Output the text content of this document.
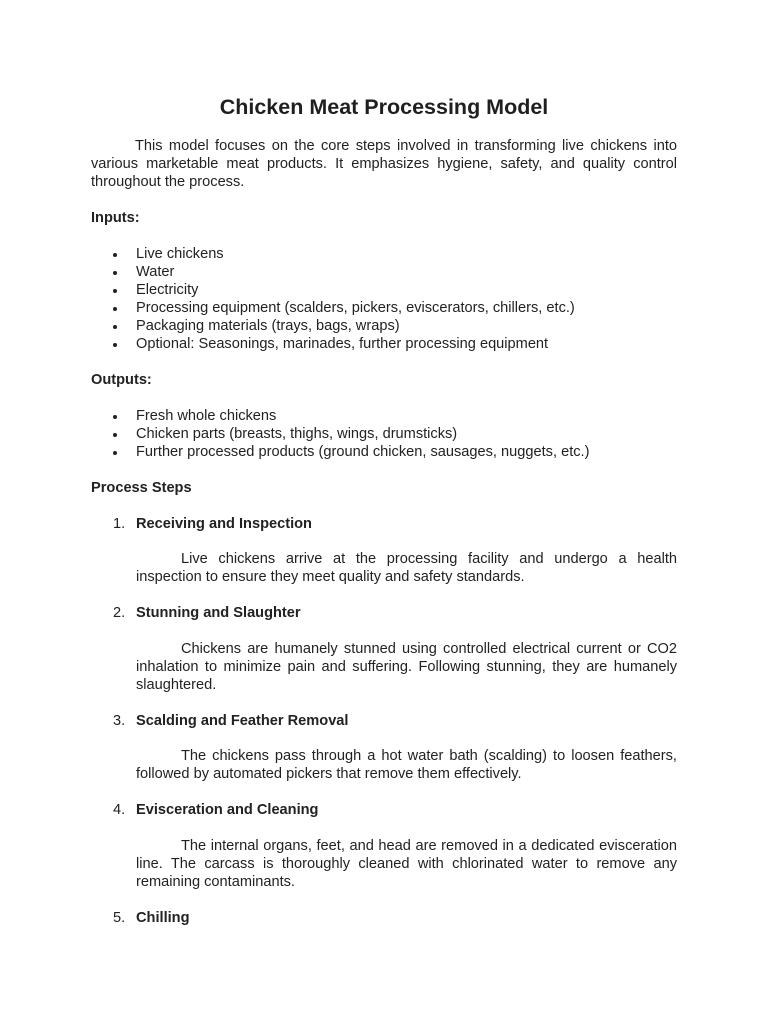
Chicken Meat Processing Model
This model focuses on the core steps involved in transforming live chickens into various marketable meat products. It emphasizes hygiene, safety, and quality control throughout the process.
Inputs:
Live chickens
Water
Electricity
Processing equipment (scalders, pickers, eviscerators, chillers, etc.)
Packaging materials (trays, bags, wraps)
Optional: Seasonings, marinades, further processing equipment
Outputs:
Fresh whole chickens
Chicken parts (breasts, thighs, wings, drumsticks)
Further processed products (ground chicken, sausages, nuggets, etc.)
Process Steps
1. Receiving and Inspection
Live chickens arrive at the processing facility and undergo a health inspection to ensure they meet quality and safety standards.
2. Stunning and Slaughter
Chickens are humanely stunned using controlled electrical current or CO2 inhalation to minimize pain and suffering. Following stunning, they are humanely slaughtered.
3. Scalding and Feather Removal
The chickens pass through a hot water bath (scalding) to loosen feathers, followed by automated pickers that remove them effectively.
4. Evisceration and Cleaning
The internal organs, feet, and head are removed in a dedicated evisceration line. The carcass is thoroughly cleaned with chlorinated water to remove any remaining contaminants.
5. Chilling
